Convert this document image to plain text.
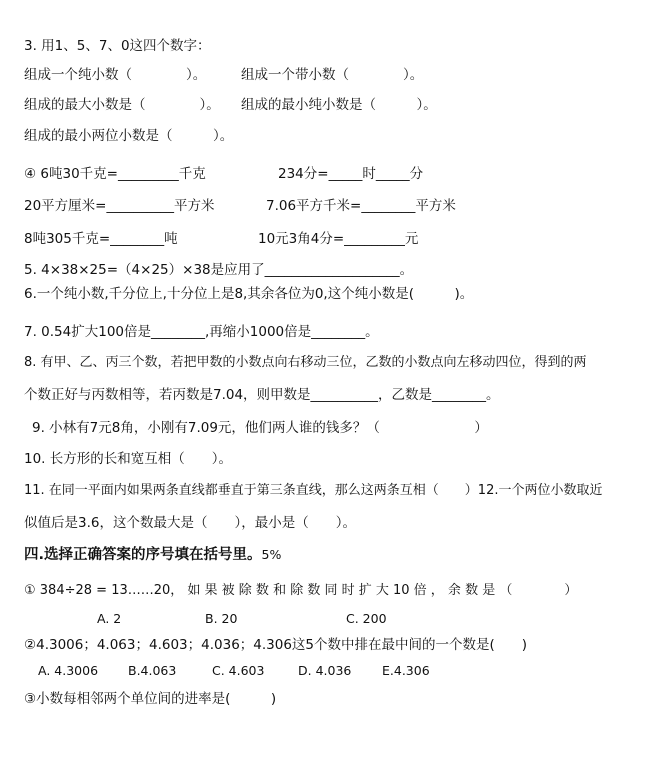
3. 用1、5、7、0这四个数字：
组成一个纯小数（　　　　）。	组成一个带小数（　　　　）。
组成的最大小数是（　　　　）。 组成的最小纯小数是（　　　）。
组成的最小两位小数是（　　　）。
④ 6吨30千克=_________千克	234分=_____时_____分
20平方厘米=__________平方米	7.06平方千米=________平方米
8吨305千克=________吨	10元3角4分=_________元
5. 4×38×25=（4×25）×38是应用了____________________。
6.一个纯小数,千分位上,十分位上是8,其余各位为0,这个纯小数是(　　　)。
7. 0.54扩大100倍是________,再缩小1000倍是________。
8. 有甲、乙、丙三个数，若把甲数的小数点向右移动三位，乙数的小数点向左移动四位，得到的两
个数正好与丙数相等，若丙数是7.04，则甲数是__________，乙数是________。
9. 小林有7元8角，小刚有7.09元，他们两人谁的钱多？（　　　　　　　）
10. 长方形的长和宽互相（　　）。
11. 在同一平面内如果两条直线都垂直于第三条直线，那么这两条互相（　　）12.一个两位小数取近
似值后是3.6，这个数最大是（　　），最小是（　　）。
四.选择正确答案的序号填在括号里。5%
① 384÷28 = 13……20， 如 果 被 除 数 和 除 数 同 时 扩 大 10 倍 ， 余 数 是 （　　　　）
A. 2	B. 20	C. 200
②4.3006；4.063；4.603；4.036；4.306这5个数中排在最中间的一个数是(　　)
A. 4.3006 B.4.063	C. 4.603	D. 4.036 E.4.306
③小数每相邻两个单位间的进率是(　　　)
